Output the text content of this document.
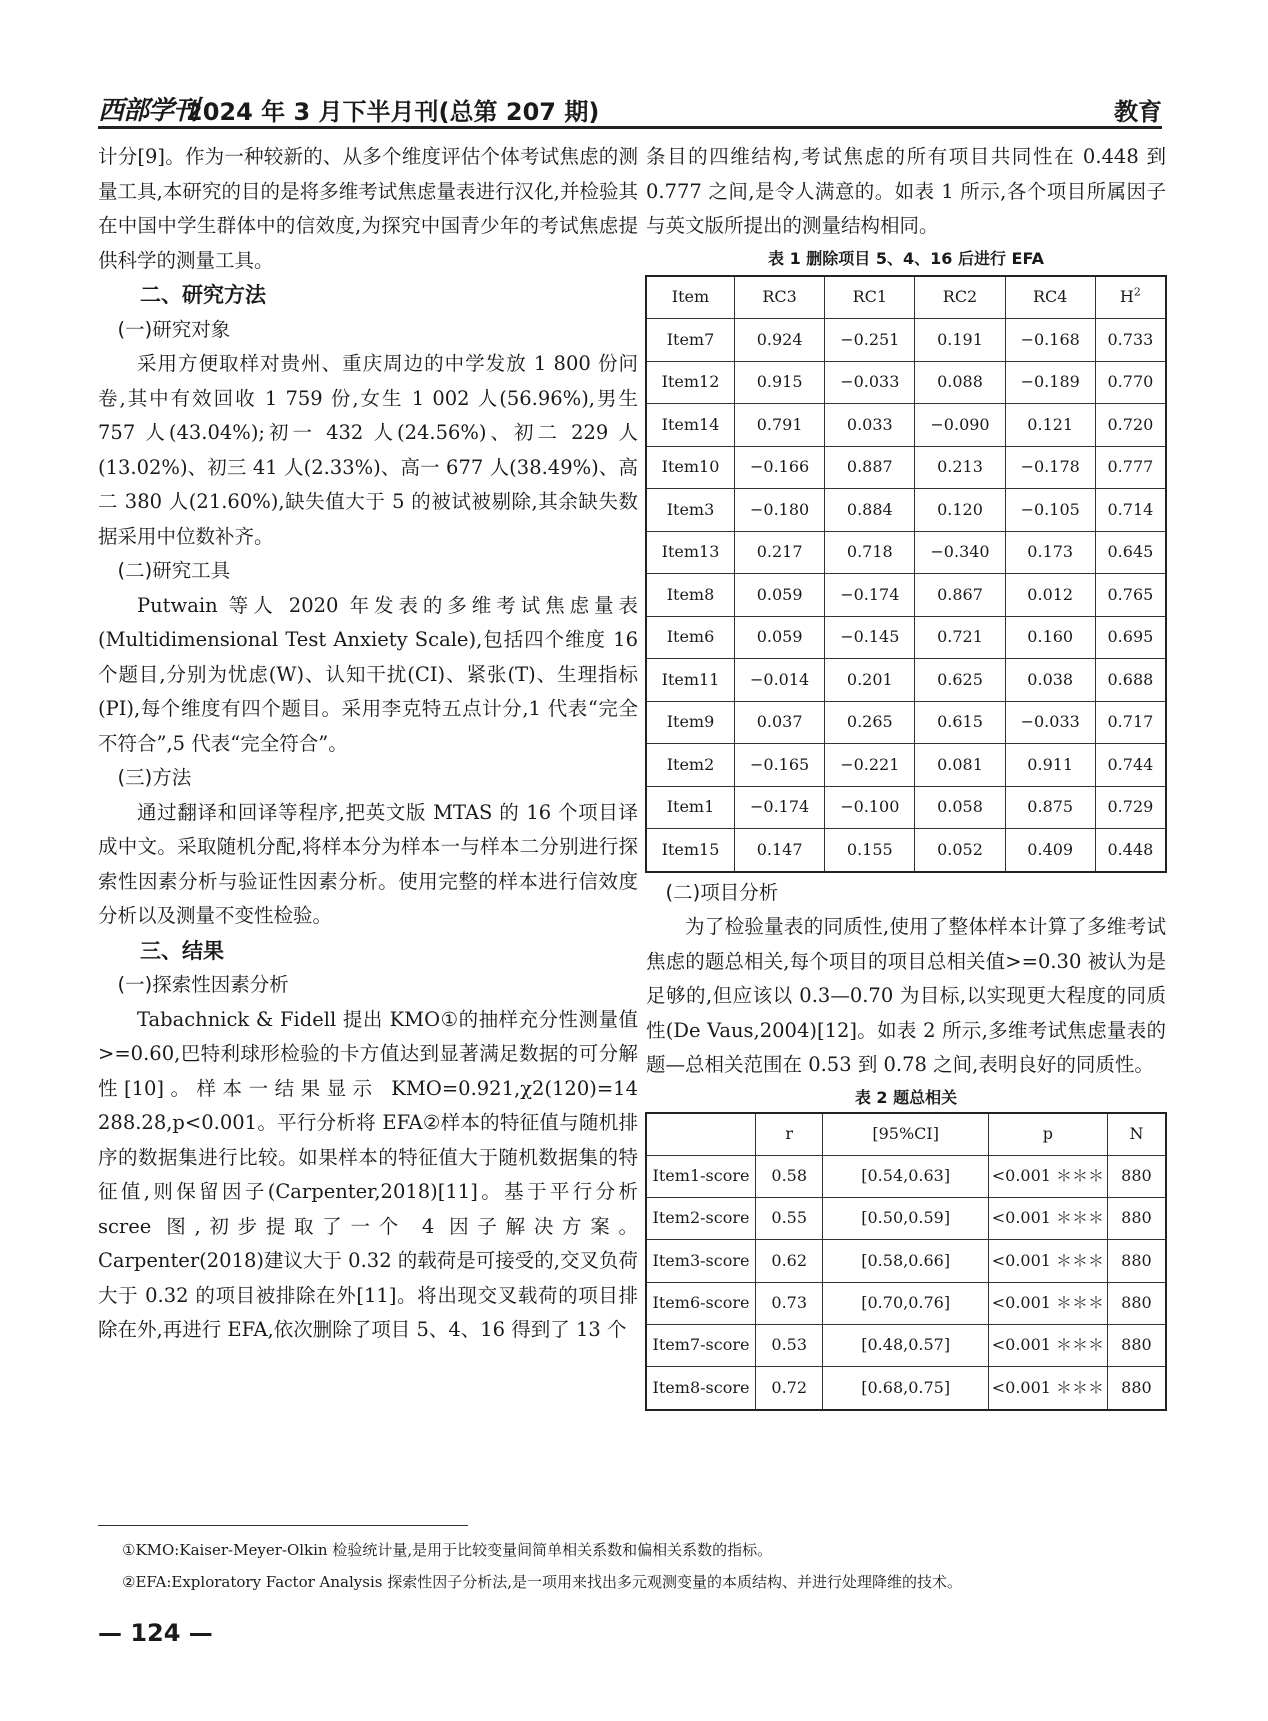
西部学刊
2024 年 3 月下半月刊(总第 207 期)	教育

计分[9]。作为一种较新的、从多个维度评估个体考试焦虑的测量工具,本研究的目的是将多维考试焦虑量表进行汉化,并检验其在中国中学生群体中的信效度,为探究中国青少年的考试焦虑提供科学的测量工具。

二、研究方法

(一)研究对象

采用方便取样对贵州、重庆周边的中学发放 1 800 份问卷,其中有效回收 1 759 份,女生 1 002 人(56.96%),男生 757 人(43.04%);初一 432 人(24.56%)、初二 229 人(13.02%)、初三 41 人(2.33%)、高一 677 人(38.49%)、高二 380 人(21.60%),缺失值大于 5 的被试被剔除,其余缺失数据采用中位数补齐。

(二)研究工具

Putwain 等人 2020 年发表的多维考试焦虑量表(Multidimensional Test Anxiety Scale),包括四个维度 16 个题目,分别为忧虑(W)、认知干扰(CI)、紧张(T)、生理指标(PI),每个维度有四个题目。采用李克特五点计分,1 代表“完全不符合”,5 代表“完全符合”。

(三)方法

通过翻译和回译等程序,把英文版 MTAS 的 16 个项目译成中文。采取随机分配,将样本分为样本一与样本二分别进行探索性因素分析与验证性因素分析。使用完整的样本进行信效度分析以及测量不变性检验。

三、结果

(一)探索性因素分析

Tabachnick & Fidell 提出 KMO①的抽样充分性测量值>=0.60,巴特利球形检验的卡方值达到显著满足数据的可分解性[10]。样本一结果显示 KMO=0.921,χ2(120)=14 288.28,p<0.001。平行分析将 EFA②样本的特征值与随机排序的数据集进行比较。如果样本的特征值大于随机数据集的特征值,则保留因子(Carpenter,2018)[11]。基于平行分析 scree 图,初步提取了一个 4 因子解决方案。Carpenter(2018)建议大于 0.32 的载荷是可接受的,交叉负荷大于 0.32 的项目被排除在外[11]。将出现交叉载荷的项目排除在外,再进行 EFA,依次删除了项目 5、4、16 得到了 13 个

条目的四维结构,考试焦虑的所有项目共同性在 0.448 到 0.777 之间,是令人满意的。如表 1 所示,各个项目所属因子与英文版所提出的测量结构相同。

表 1 删除项目 5、4、16 后进行 EFA
Item	RC3	RC1	RC2	RC4	$H^2$
Item7	0.924	−0.251	0.191	−0.168	0.733
Item12	0.915	−0.033	0.088	−0.189	0.770
Item14	0.791	0.033	−0.090	0.121	0.720
Item10	−0.166	0.887	0.213	−0.178	0.777
Item3	−0.180	0.884	0.120	−0.105	0.714
Item13	0.217	0.718	−0.340	0.173	0.645
Item8	0.059	−0.174	0.867	0.012	0.765
Item6	0.059	−0.145	0.721	0.160	0.695
Item11	−0.014	0.201	0.625	0.038	0.688
Item9	0.037	0.265	0.615	−0.033	0.717
Item2	−0.165	−0.221	0.081	0.911	0.744
Item1	−0.174	−0.100	0.058	0.875	0.729
Item15	0.147	0.155	0.052	0.409	0.448

(二)项目分析

为了检验量表的同质性,使用了整体样本计算了多维考试焦虑的题总相关,每个项目的项目总相关值>=0.30 被认为是足够的,但应该以 0.3—0.70 为目标,以实现更大程度的同质性(De Vaus,2004)[12]。如表 2 所示,多维考试焦虑量表的题—总相关范围在 0.53 到 0.78 之间,表明良好的同质性。

表 2 题总相关
	r	[95%CI]	p	N
Item1-score	0.58	[0.54,0.63]	<0.001 ＊＊＊	880
Item2-score	0.55	[0.50,0.59]	<0.001 ＊＊＊	880
Item3-score	0.62	[0.58,0.66]	<0.001 ＊＊＊	880
Item6-score	0.73	[0.70,0.76]	<0.001 ＊＊＊	880
Item7-score	0.53	[0.48,0.57]	<0.001 ＊＊＊	880
Item8-score	0.72	[0.68,0.75]	<0.001 ＊＊＊	880

①KMO:Kaiser-Meyer-Olkin 检验统计量,是用于比较变量间简单相关系数和偏相关系数的指标。

②EFA:Exploratory Factor Analysis 探索性因子分析法,是一项用来找出多元观测变量的本质结构、并进行处理降维的技术。

— 124 —
